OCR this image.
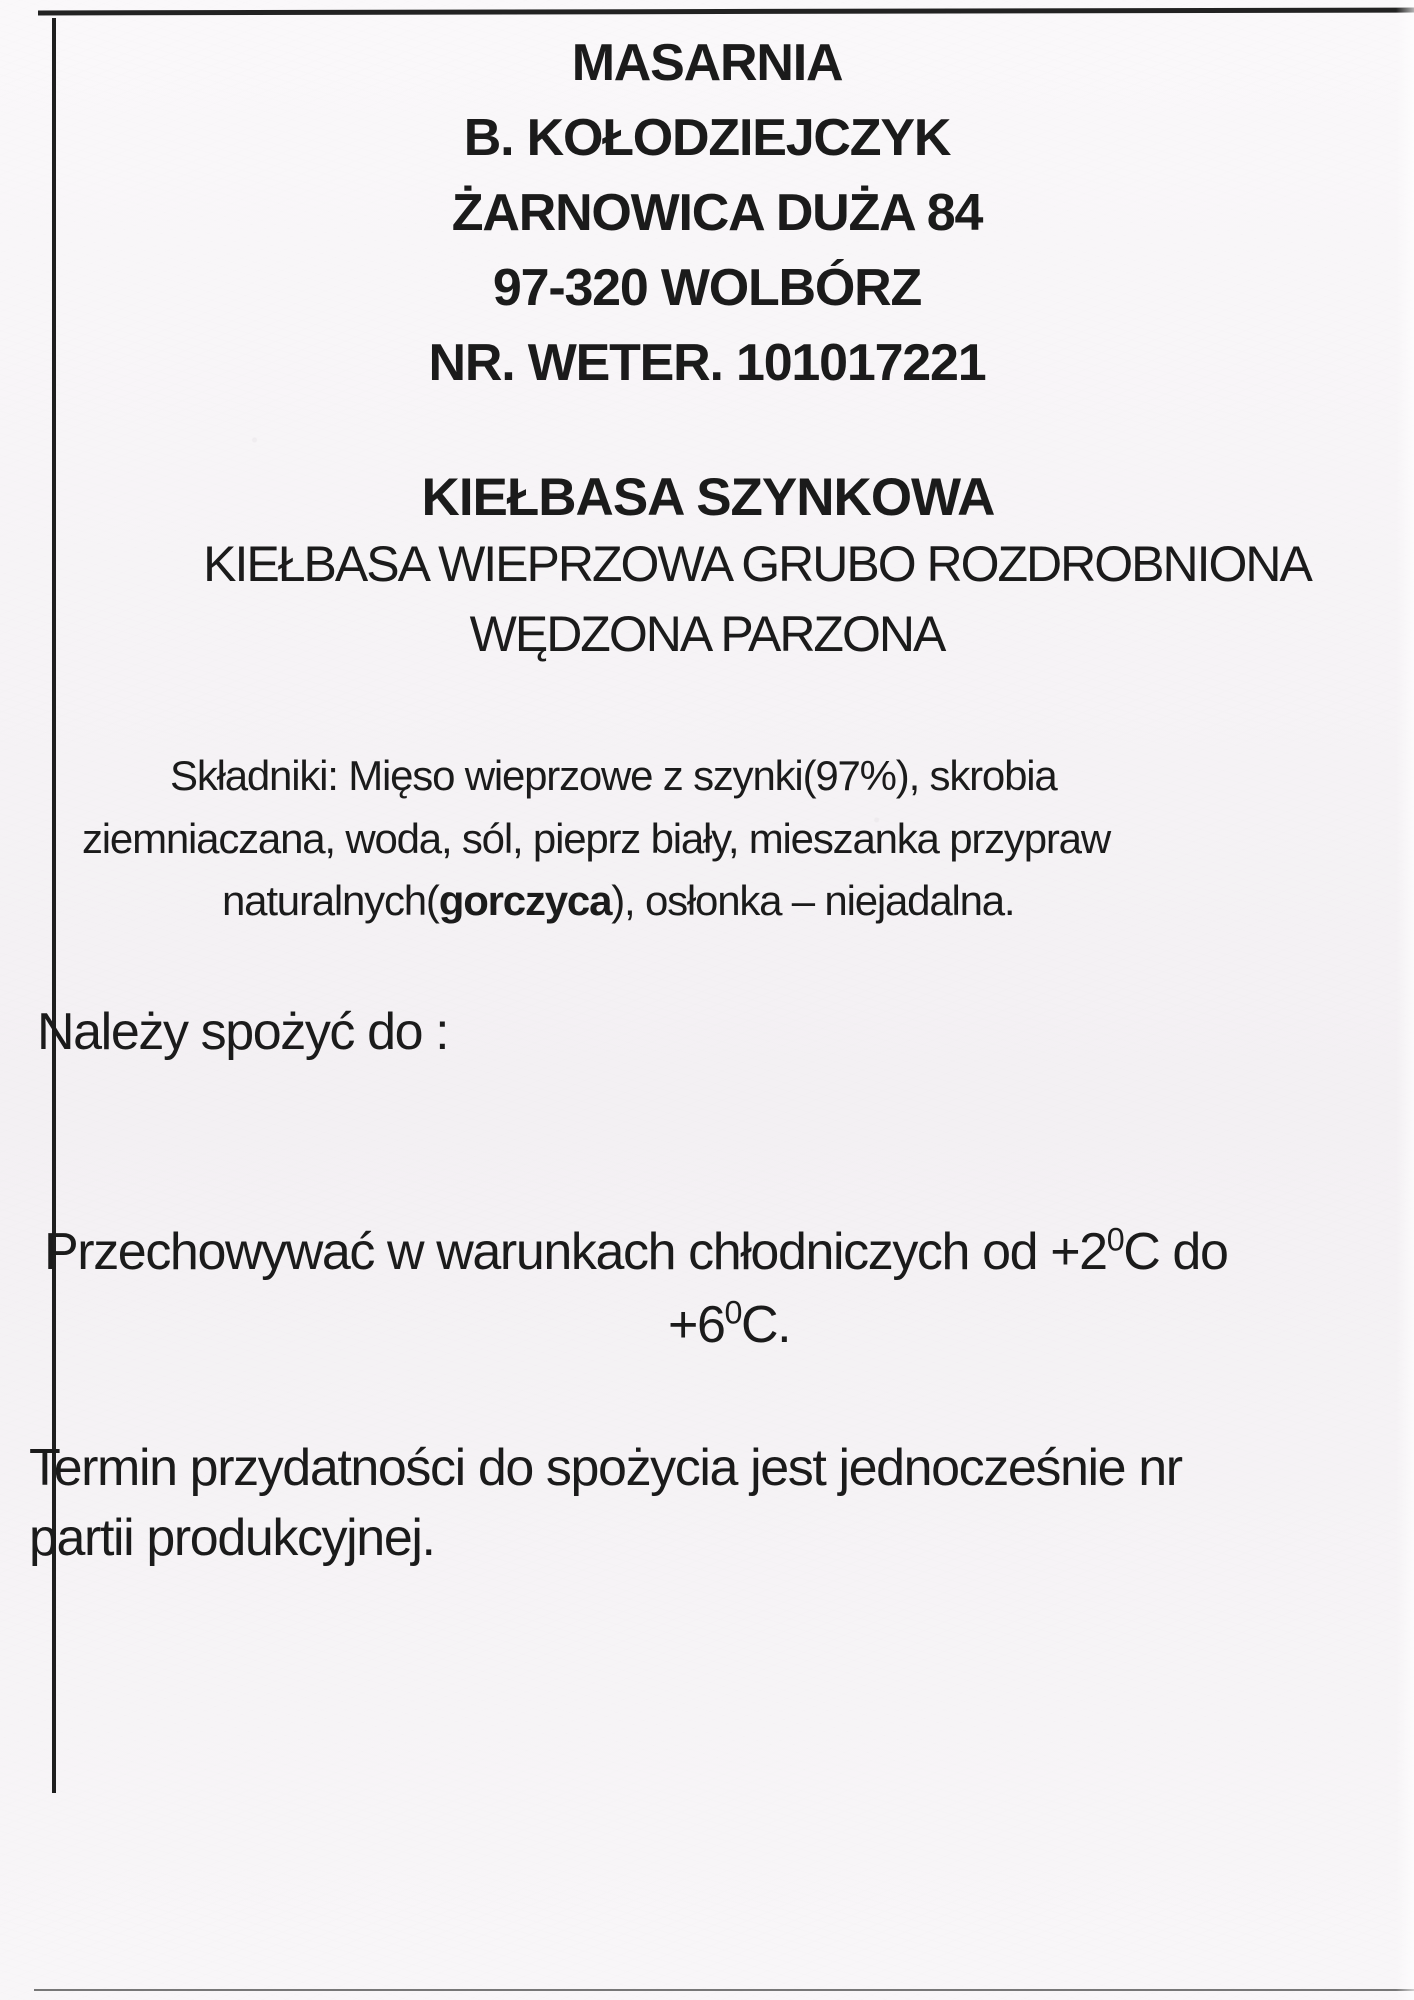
MASARNIA
B. KOŁODZIEJCZYK
ŻARNOWICA DUŻA 84
97-320 WOLBÓRZ
NR. WETER. 101017221
KIEŁBASA SZYNKOWA
KIEŁBASA WIEPRZOWA GRUBO ROZDROBNIONA
WĘDZONA PARZONA
Składniki: Mięso wieprzowe z szynki(97%), skrobia
ziemniaczana, woda, sól, pieprz biały, mieszanka przypraw
naturalnych(gorczyca), osłonka – niejadalna.
Należy spożyć do :
Przechowywać w warunkach chłodniczych od $+2^0C$ do
$+6^0C$.
Termin przydatności do spożycia jest jednocześnie nr
partii produkcyjnej.
